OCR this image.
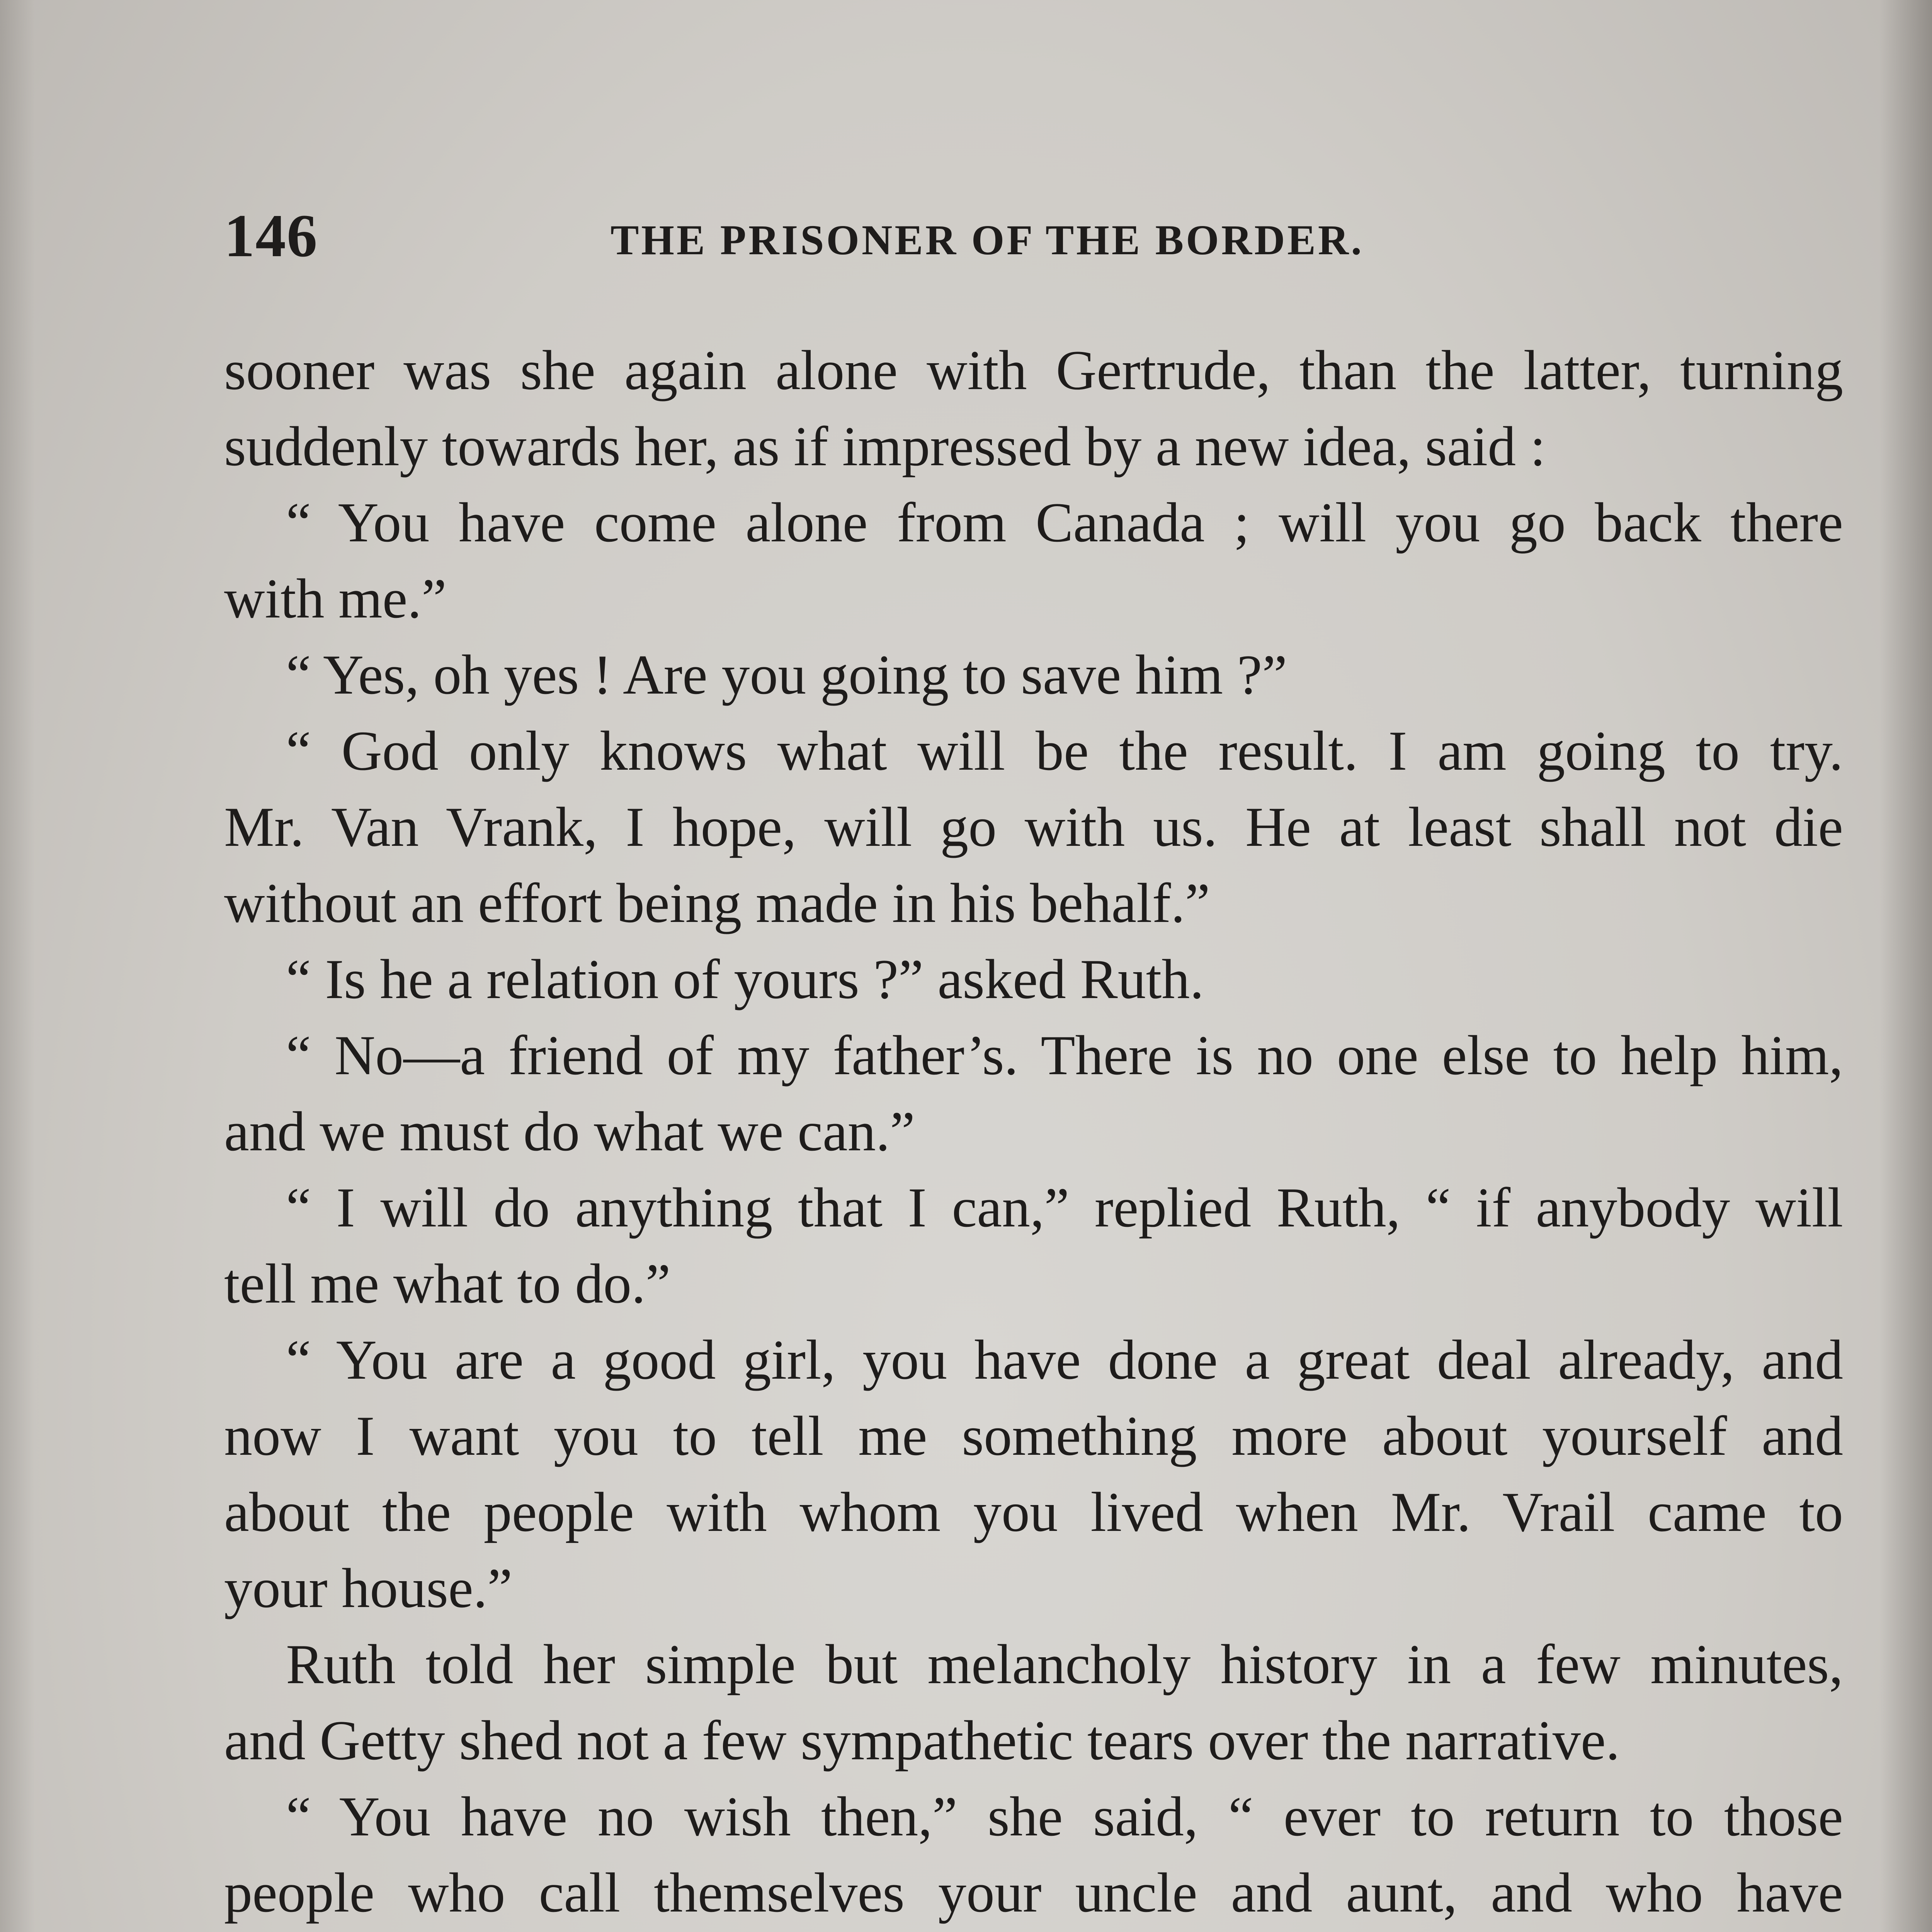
146	THE PRISONER OF THE BORDER.
sooner was she again alone with Gertrude, than the latter, turning
suddenly towards her, as if impressed by a new idea, said :
“ You have come alone from Canada ; will you go back there
with me.”
“ Yes, oh yes ! Are you going to save him ?”
“ God only knows what will be the result. I am going to try.
Mr. Van Vrank, I hope, will go with us. He at least shall not die
without an effort being made in his behalf.”
“ Is he a relation of yours ?” asked Ruth.
“ No—a friend of my father’s. There is no one else to help him,
and we must do what we can.”
“ I will do anything that I can,” replied Ruth, “ if anybody will
tell me what to do.”
“ You are a good girl, you have done a great deal already, and
now I want you to tell me something more about yourself and
about the people with whom you lived when Mr. Vrail came to
your house.”
Ruth told her simple but melancholy history in a few minutes,
and Getty shed not a few sympathetic tears over the narrative.
“ You have no wish then,” she said, “ ever to return to those
people who call themselves your uncle and aunt, and who have
